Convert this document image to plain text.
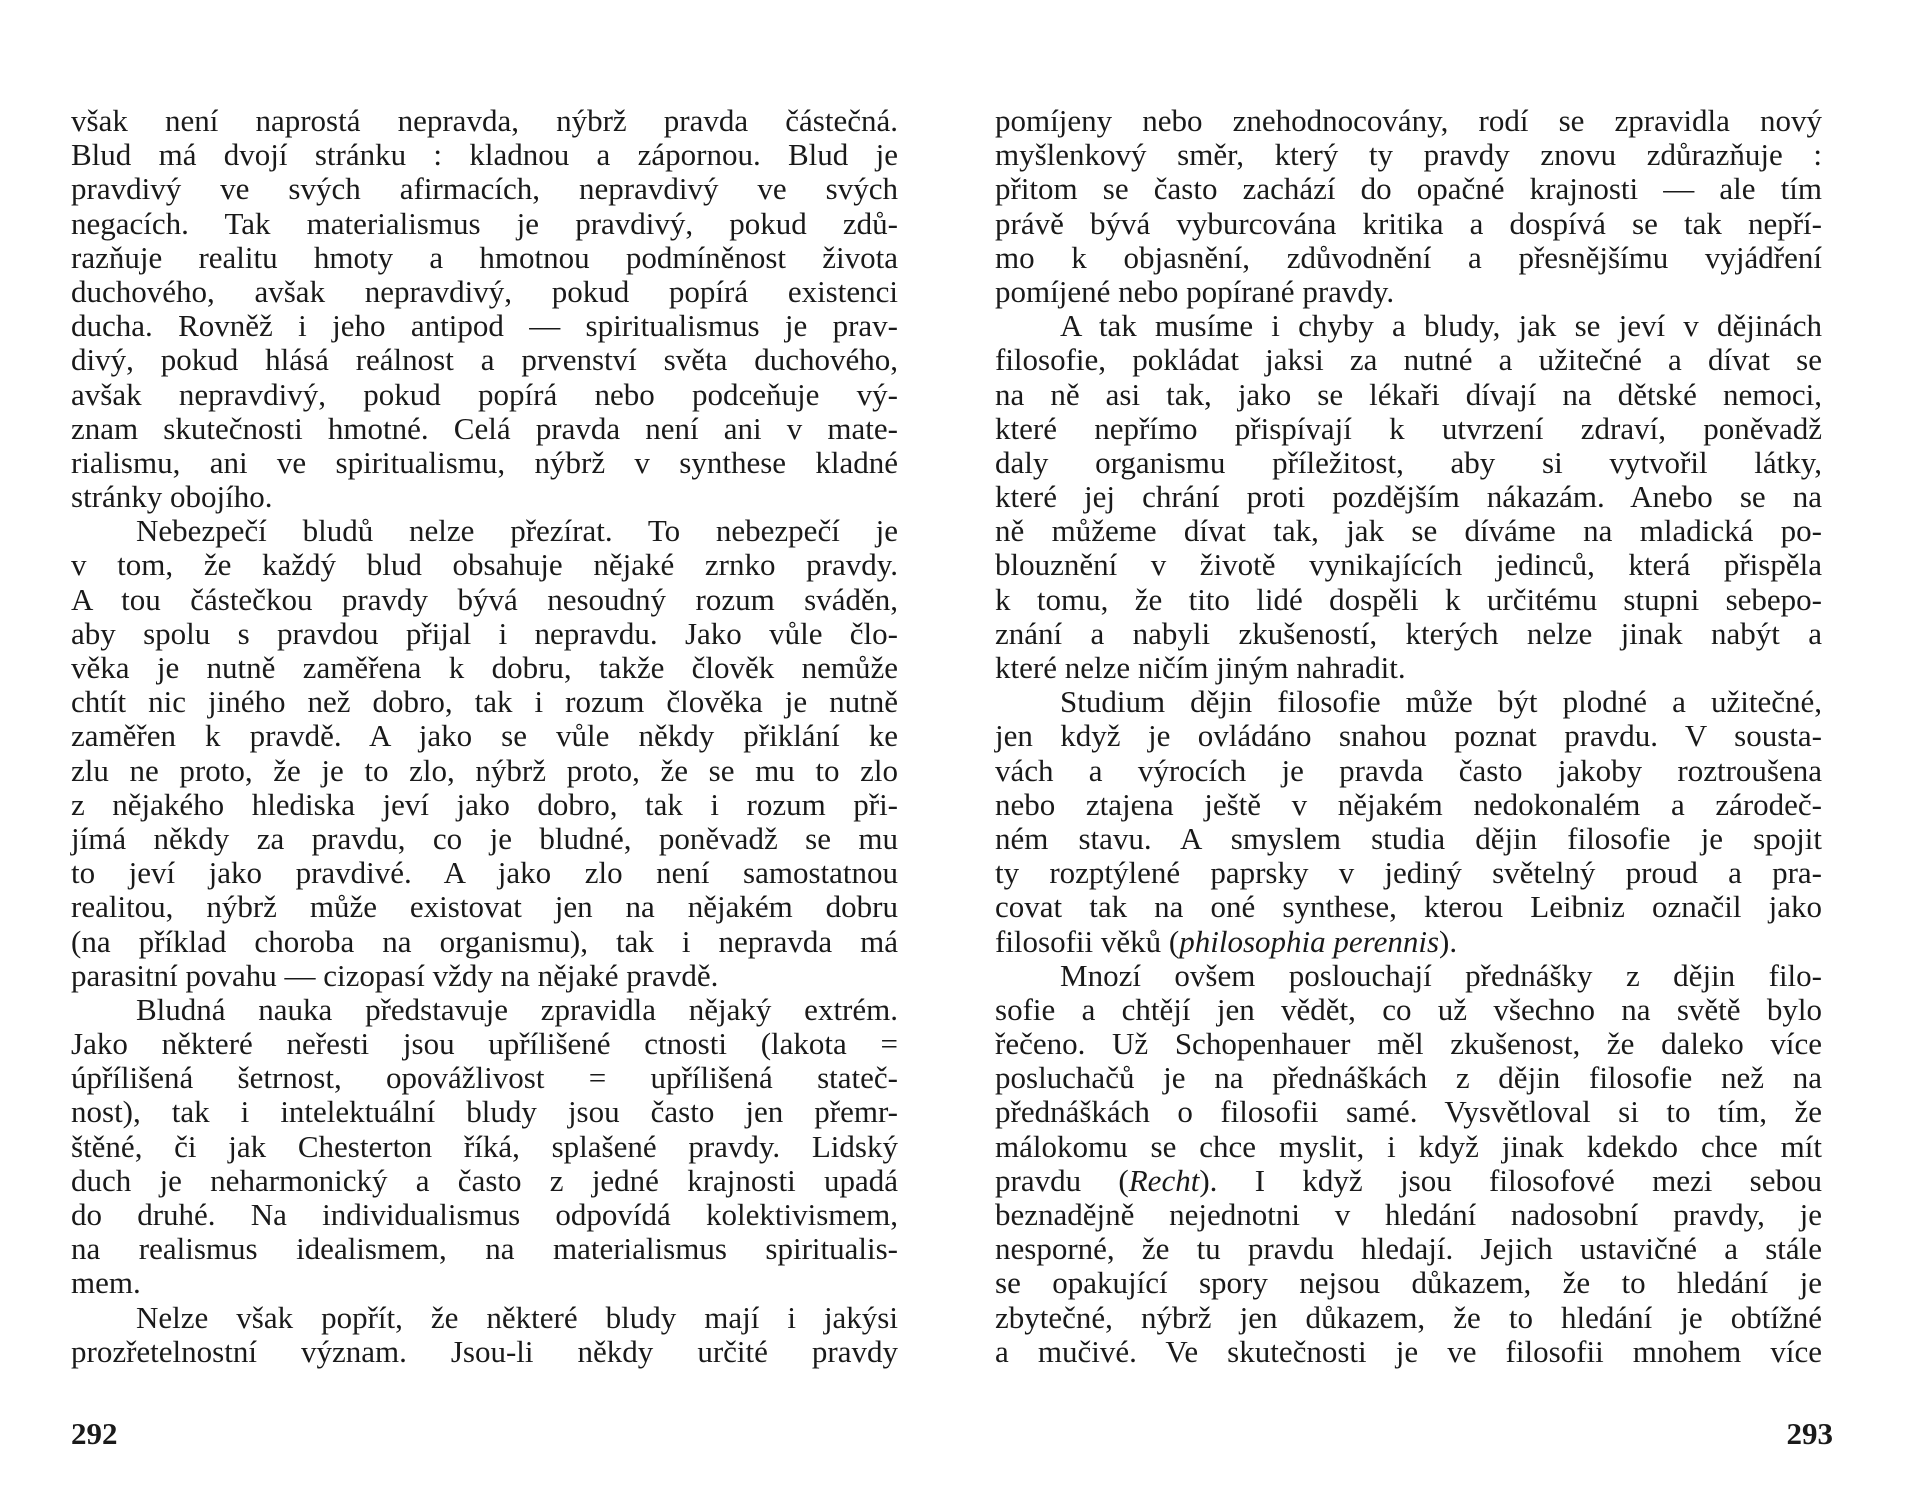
však není naprostá nepravda, nýbrž pravda částečná.
Blud má dvojí stránku : kladnou a zápornou. Blud je
pravdivý ve svých afirmacích, nepravdivý ve svých
negacích. Tak materialismus je pravdivý, pokud zdů-
razňuje realitu hmoty a hmotnou podmíněnost života
duchového, avšak nepravdivý, pokud popírá existenci
ducha. Rovněž i jeho antipod — spiritualismus je prav-
divý, pokud hlásá reálnost a prvenství světa duchového,
avšak nepravdivý, pokud popírá nebo podceňuje vý-
znam skutečnosti hmotné. Celá pravda není ani v mate-
rialismu, ani ve spiritualismu, nýbrž v synthese kladné
stránky obojího.
Nebezpečí bludů nelze přezírat. To nebezpečí je
v tom, že každý blud obsahuje nějaké zrnko pravdy.
A tou částečkou pravdy bývá nesoudný rozum sváděn,
aby spolu s pravdou přijal i nepravdu. Jako vůle člo-
věka je nutně zaměřena k dobru, takže člověk nemůže
chtít nic jiného než dobro, tak i rozum člověka je nutně
zaměřen k pravdě. A jako se vůle někdy přiklání ke
zlu ne proto, že je to zlo, nýbrž proto, že se mu to zlo
z nějakého hlediska jeví jako dobro, tak i rozum při-
jímá někdy za pravdu, co je bludné, poněvadž se mu
to jeví jako pravdivé. A jako zlo není samostatnou
realitou, nýbrž může existovat jen na nějakém dobru
(na příklad choroba na organismu), tak i nepravda má
parasitní povahu — cizopasí vždy na nějaké pravdě.
Bludná nauka představuje zpravidla nějaký extrém.
Jako některé neřesti jsou upřílišené ctnosti (lakota =
úpřílišená šetrnost, opovážlivost = upřílišená stateč-
nost), tak i intelektuální bludy jsou často jen přemr-
štěné, či jak Chesterton říká, splašené pravdy. Lidský
duch je neharmonický a často z jedné krajnosti upadá
do druhé. Na individualismus odpovídá kolektivismem,
na realismus idealismem, na materialismus spiritualis-
mem.
Nelze však popřít, že některé bludy mají i jakýsi
prozřetelnostní význam. Jsou-li někdy určité pravdy
292
pomíjeny nebo znehodnocovány, rodí se zpravidla nový
myšlenkový směr, který ty pravdy znovu zdůrazňuje :
přitom se často zachází do opačné krajnosti — ale tím
právě bývá vyburcována kritika a dospívá se tak nepří-
mo k objasnění, zdůvodnění a přesnějšímu vyjádření
pomíjené nebo popírané pravdy.
A tak musíme i chyby a bludy, jak se jeví v dějinách
filosofie, pokládat jaksi za nutné a užitečné a dívat se
na ně asi tak, jako se lékaři dívají na dětské nemoci,
které nepřímo přispívají k utvrzení zdraví, poněvadž
daly organismu příležitost, aby si vytvořil látky,
které jej chrání proti pozdějším nákazám. Anebo se na
ně můžeme dívat tak, jak se díváme na mladická po-
blouznění v životě vynikajících jedinců, která přispěla
k tomu, že tito lidé dospěli k určitému stupni sebepo-
znání a nabyli zkušeností, kterých nelze jinak nabýt a
které nelze ničím jiným nahradit.
Studium dějin filosofie může být plodné a užitečné,
jen když je ovládáno snahou poznat pravdu. V sousta-
vách a výrocích je pravda často jakoby roztroušena
nebo ztajena ještě v nějakém nedokonalém a zárodeč-
ném stavu. A smyslem studia dějin filosofie je spojit
ty rozptýlené paprsky v jediný světelný proud a pra-
covat tak na oné synthese, kterou Leibniz označil jako
filosofii věků (philosophia perennis).
Mnozí ovšem poslouchají přednášky z dějin filo-
sofie a chtějí jen vědět, co už všechno na světě bylo
řečeno. Už Schopenhauer měl zkušenost, že daleko více
posluchačů je na přednáškách z dějin filosofie než na
přednáškách o filosofii samé. Vysvětloval si to tím, že
málokomu se chce myslit, i když jinak kdekdo chce mít
pravdu (Recht). I když jsou filosofové mezi sebou
beznadějně nejednotni v hledání nadosobní pravdy, je
nesporné, že tu pravdu hledají. Jejich ustavičné a stále
se opakující spory nejsou důkazem, že to hledání je
zbytečné, nýbrž jen důkazem, že to hledání je obtížné
a mučivé. Ve skutečnosti je ve filosofii mnohem více
293
